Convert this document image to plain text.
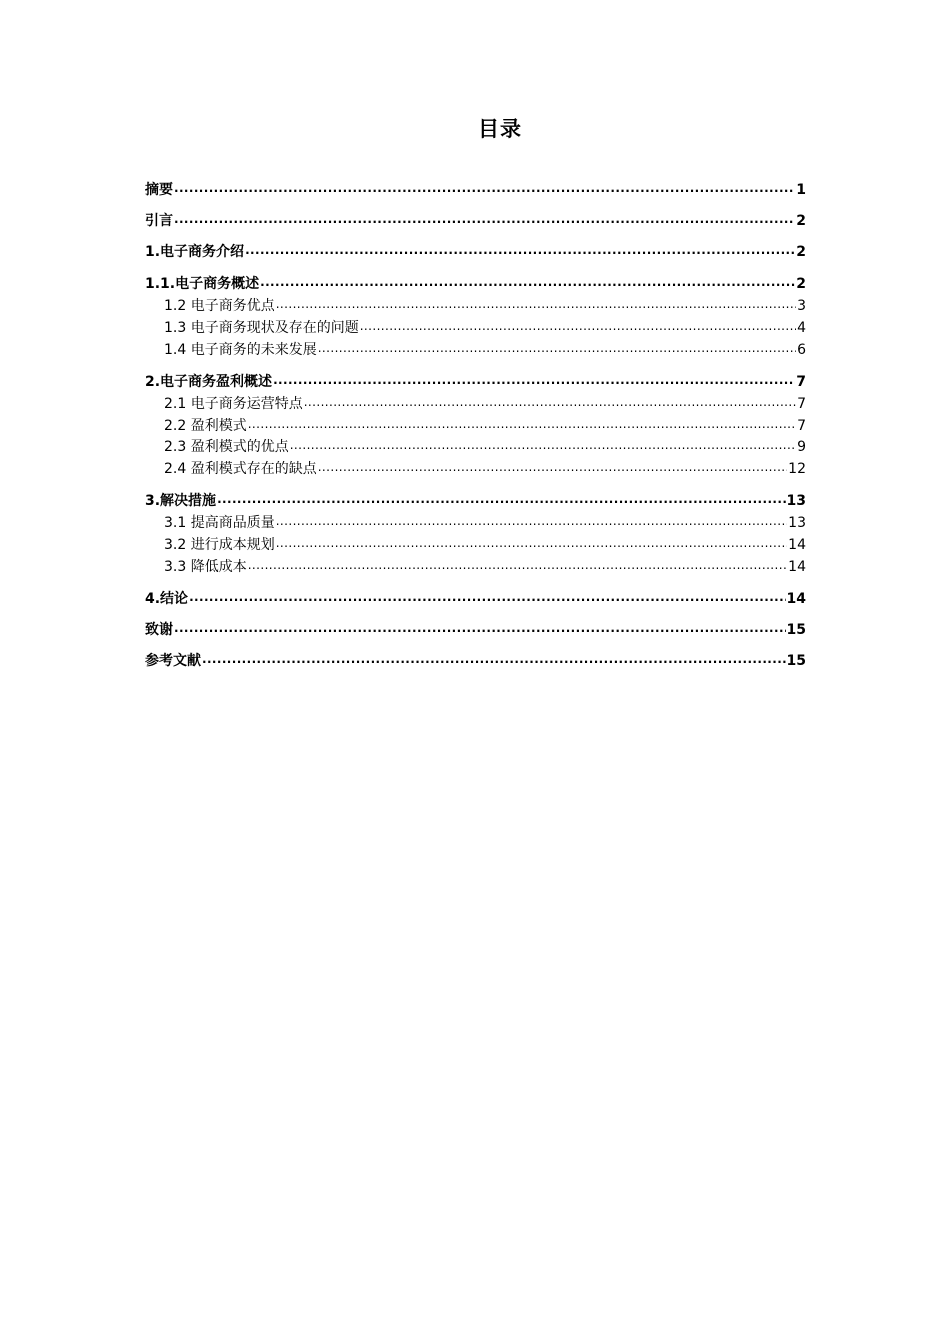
目录
摘要 .....	1
引言 .....	2
1.电子商务介绍 .....	2
1.1.电子商务概述 .....	2
1.2 电子商务优点 .....	3
1.3 电子商务现状及存在的问题 .....	4
1.4 电子商务的未来发展 .....	6
2.电子商务盈利概述 .....	7
2.1 电子商务运营特点 .....	7
2.2 盈利模式 .....	7
2.3 盈利模式的优点 .....	9
2.4 盈利模式存在的缺点 .....	12
3.解决措施 .....	13
3.1 提高商品质量 .....	13
3.2 进行成本规划 .....	14
3.3 降低成本 .....	14
4.结论 .....	14
致谢 .....	15
参考文献 .....	15
